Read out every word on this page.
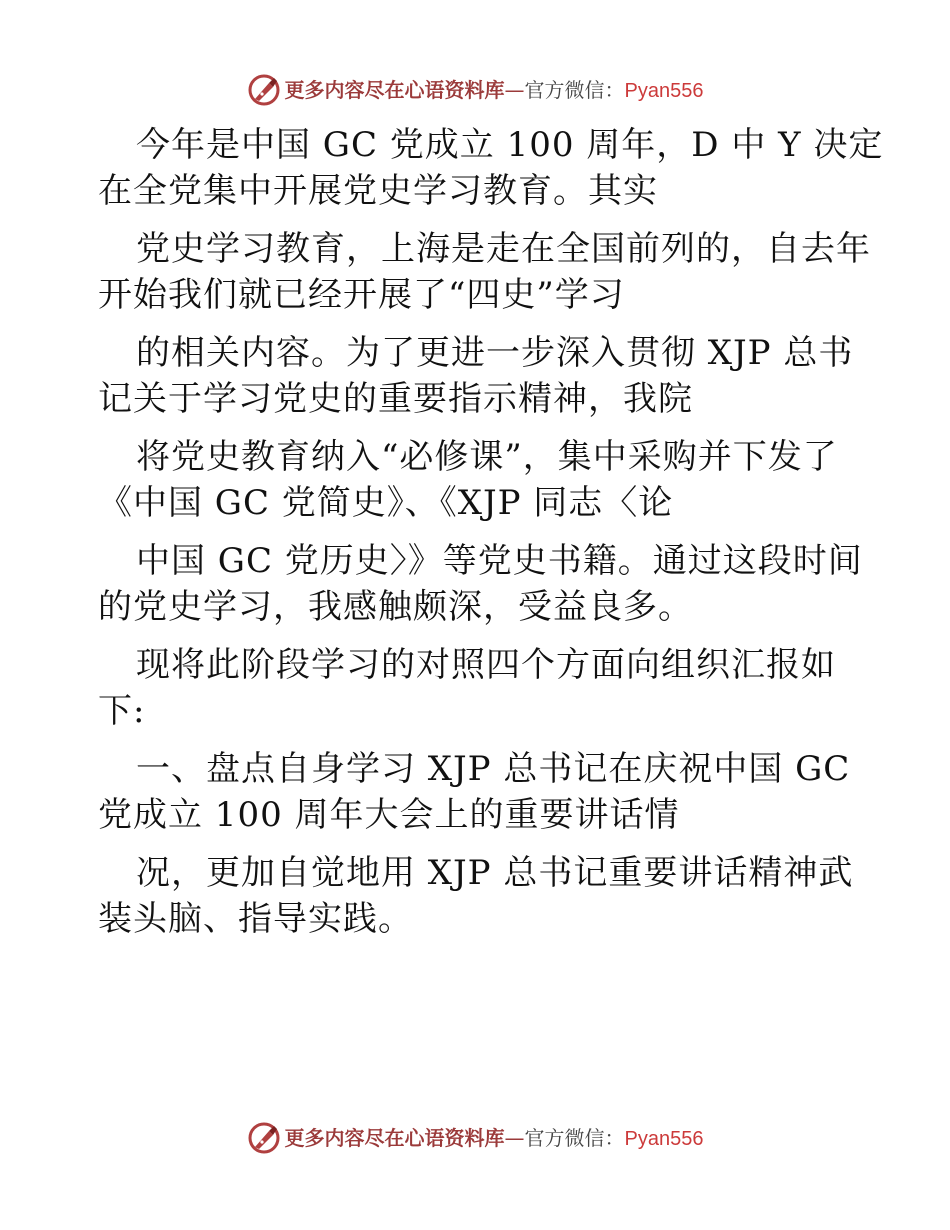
更多内容尽在心语资料库—官方微信：Pyan556

今年是中国 GC 党成立 100 周年，D 中 Y 决定

在全党集中开展党史学习教育。其实

党史学习教育，上海是走在全国前列的，自去年

开始我们就已经开展了“四史”学习

的相关内容。为了更进一步深入贯彻 XJP 总书

记关于学习党史的重要指示精神，我院

将党史教育纳入“必修课”，集中采购并下发了

《中国 GC 党简史》、《XJP 同志〈论

中国 GC 党历史〉》等党史书籍。通过这段时间

的党史学习，我感触颇深，受益良多。

现将此阶段学习的对照四个方面向组织汇报如

下:

一、盘点自身学习 XJP 总书记在庆祝中国 GC

党成立 100 周年大会上的重要讲话情

况，更加自觉地用 XJP 总书记重要讲话精神武

装头脑、指导实践。

更多内容尽在心语资料库—官方微信：Pyan556
